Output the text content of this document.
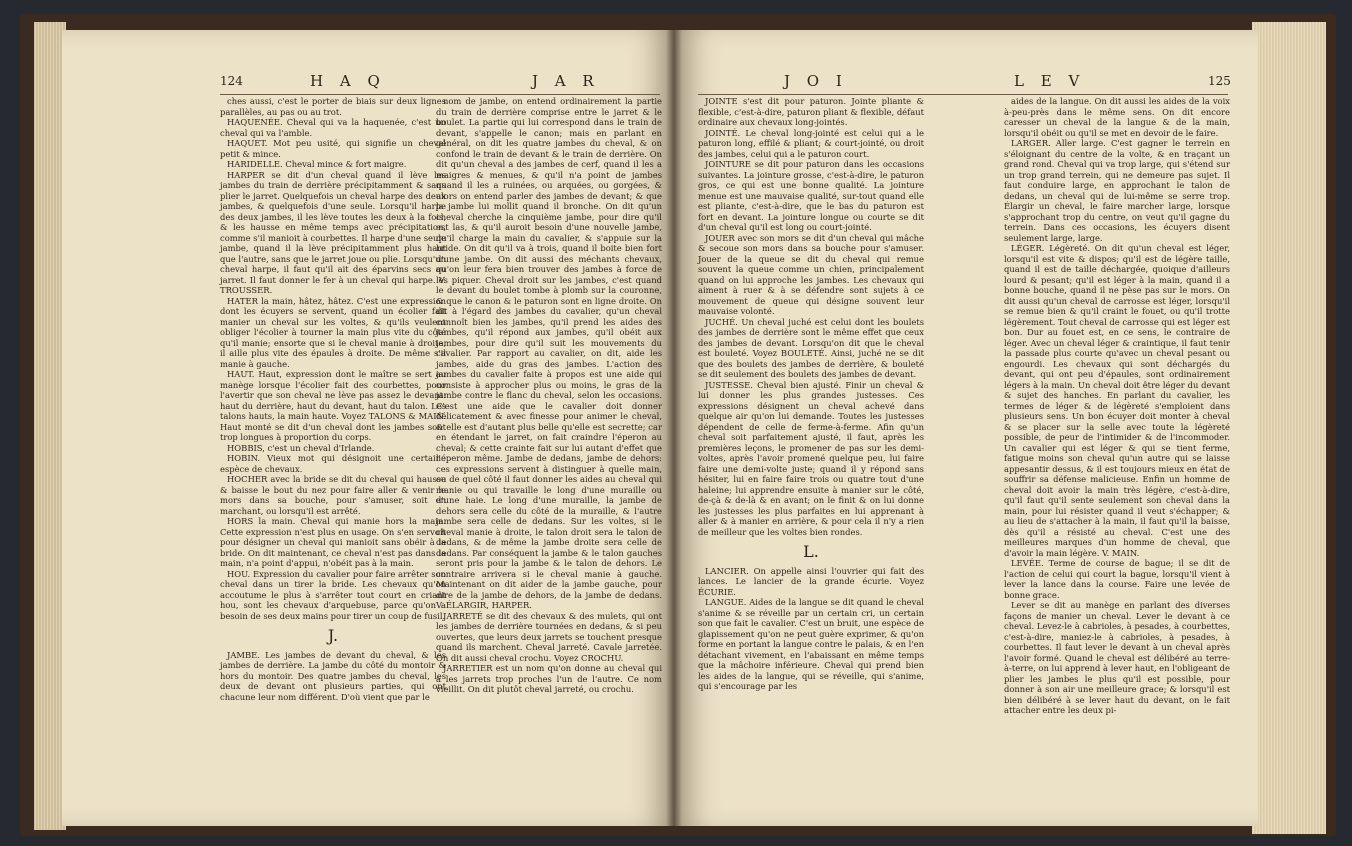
124	H A Q	J A R

ches aussi, c'est le porter de biais sur deux lignes parallèles, au pas ou au trot.

HAQUENÉE. Cheval qui va la haquenée, c'est un cheval qui va l'amble.

HAQUET. Mot peu usité, qui signifie un cheval petit & mince.

HARIDELLE. Cheval mince & fort maigre.

HARPER se dit d'un cheval quand il lève les jambes du train de derrière précipitamment & sans plier le jarret. Quelquefois un cheval harpe des deux jambes, & quelquefois d'une seule. Lorsqu'il harpe des deux jambes, il les lève toutes les deux à la fois, & les hausse en même temps avec précipitation, comme s'il manioit à courbettes. Il harpe d'une seule jambe, quand il la lève précipitamment plus haut que l'autre, sans que le jarret joue ou plie. Lorsqu'un cheval harpe, il faut qu'il ait des éparvins secs au jarret. Il faut donner le fer à un cheval qui harpe. V. TROUSSER.

HATER la main, hâtez, hâtez. C'est une expression dont les écuyers se servent, quand un écolier fait manier un cheval sur les voltes, & qu'ils veulent obliger l'écolier à tourner la main plus vite du côté qu'il manie; ensorte que si le cheval manie à droite, il aille plus vite des épaules à droite. De même s'il manie à gauche.

HAUT. Haut, expression dont le maître se sert au manège lorsque l'écolier fait des courbettes, pour l'avertir que son cheval ne lève pas assez le devant: haut du derrière, haut du devant, haut du talon. Les talons hauts, la main haute. Voyez TALONS & MAIN. Haut monté se dit d'un cheval dont les jambes sont trop longues à proportion du corps.

HOBBIS, c'est un cheval d'Irlande.

HOBIN. Vieux mot qui désignoit une certaine espèce de chevaux.

HOCHER avec la bride se dit du cheval qui hausse & baisse le bout du nez pour faire aller & venir le mors dans sa bouche, pour s'amuser, soit en marchant, ou lorsqu'il est arrêté.

HORS la main. Cheval qui manie hors la main. Cette expression n'est plus en usage. On s'en servoit pour désigner un cheval qui manioit sans obéir à la bride. On dit maintenant, ce cheval n'est pas dans la main, n'a point d'appui, n'obéit pas à la main.

HOU. Expression du cavalier pour faire arrêter son cheval dans un tirer la bride. Les chevaux qu'on accoutume le plus à s'arrêter tout court en criant hou, sont les chevaux d'arquebuse, parce qu'on a besoin de ses deux mains pour tirer un coup de fusil.

J.

JAMBE. Les jambes de devant du cheval, & les jambes de derrière. La jambe du côté du montoir & hors du montoir. Des quatre jambes du cheval, les deux de devant ont plusieurs parties, qui ont chacune leur nom différent. D'où vient que par le

nom de jambe, on entend ordinairement la partie du train de derrière comprise entre le jarret & le boulet. La partie qui lui correspond dans le train de devant, s'appelle le canon; mais en parlant en général, on dit les quatre jambes du cheval, & on confond le train de devant & le train de derrière. On dit qu'un cheval a des jambes de cerf, quand il les a maigres & menues, & qu'il n'a point de jambes quand il les a ruinées, ou arquées, ou gorgées, & alors on entend parler des jambes de devant; & que la jambe lui mollit quand il bronche. On dit qu'un cheval cherche la cinquième jambe, pour dire qu'il est las, & qu'il auroit besoin d'une nouvelle jambe, qu'il charge la main du cavalier, & s'appuie sur la bride. On dit qu'il va à trois, quand il boite bien fort d'une jambe. On dit aussi des méchants chevaux, qu'on leur fera bien trouver des jambes à force de les piquer. Cheval droit sur les jambes, c'est quand le devant du boulet tombe à plomb sur la couronne, & que le canon & le paturon sont en ligne droite. On dit à l'égard des jambes du cavalier, qu'un cheval connoît bien les jambes, qu'il prend les aides des jambes, qu'il répond aux jambes, qu'il obéit aux jambes, pour dire qu'il suit les mouvements du cavalier. Par rapport au cavalier, on dit, aide les jambes, aide du gras des jambes. L'action des jambes du cavalier faite à propos est une aide qui consiste à approcher plus ou moins, le gras de la jambe contre le flanc du cheval, selon les occasions. C'est une aide que le cavalier doit donner délicatement & avec finesse pour animer le cheval, & elle est d'autant plus belle qu'elle est secrette; car en étendant le jarret, on fait craindre l'éperon au cheval; & cette crainte fait sur lui autant d'effet que l'éperon même. Jambe de dedans, jambe de dehors: ces expressions servent à distinguer à quelle main, ou de quel côté il faut donner les aides au cheval qui manie ou qui travaille le long d'une muraille ou d'une haie. Le long d'une muraille, la jambe de dehors sera celle du côté de la muraille, & l'autre jambe sera celle de dedans. Sur les voltes, si le cheval manie à droite, le talon droit sera le talon de dedans, & de même la jambe droite sera celle de dedans. Par conséquent la jambe & le talon gauches seront pris pour la jambe & le talon de dehors. Le contraire arrivera si le cheval manie à gauche. Maintenant on dit aider de la jambe gauche, pour dire de la jambe de dehors, de la jambe de dedans. V. ÉLARGIR, HARPER.

JARRETÉ se dit des chevaux & des mulets, qui ont les jambes de derrière tournées en dedans, & si peu ouvertes, que leurs deux jarrets se touchent presque quand ils marchent. Cheval jarreté. Cavale jarretée. On dit aussi cheval crochu. Voyez CROCHU.

JARRETIER est un nom qu'on donne au cheval qui a les jarrets trop proches l'un de l'autre. Ce nom vieillit. On dit plutôt cheval jarreté, ou crochu.

J O I	L E V	125

JOINTE s'est dit pour paturon. Jointe pliante & flexible, c'est-à-dire, paturon pliant & flexible, défaut ordinaire aux chevaux long-jointés.

JOINTÉ. Le cheval long-jointé est celui qui a le paturon long, effilé & pliant; & court-jointé, ou droit des jambes, celui qui a le paturon court.

JOINTURE se dit pour paturon dans les occasions suivantes. La jointure grosse, c'est-à-dire, le paturon gros, ce qui est une bonne qualité. La jointure menue est une mauvaise qualité, sur-tout quand elle est pliante, c'est-à-dire, que le bas du paturon est fort en devant. La jointure longue ou courte se dit d'un cheval qu'il est long ou court-jointé.

JOUER avec son mors se dit d'un cheval qui mâche & secoue son mors dans sa bouche pour s'amuser. Jouer de la queue se dit du cheval qui remue souvent la queue comme un chien, principalement quand on lui approche les jambes. Les chevaux qui aiment à ruer & à se défendre sont sujets à ce mouvement de queue qui désigne souvent leur mauvaise volonté.

JUCHÉ. Un cheval juché est celui dont les boulets des jambes de derrière sont le même effet que ceux des jambes de devant. Lorsqu'on dit que le cheval est bouleté. Voyez BOULETÉ. Ainsi, juché ne se dit que des boulets des jambes de derrière, & bouleté se dit seulement des boulets des jambes de devant.

JUSTESSE. Cheval bien ajusté. Finir un cheval & lui donner les plus grandes justesses. Ces expressions désignent un cheval achevé dans quelque air qu'on lui demande. Toutes les justesses dépendent de celle de ferme-à-ferme. Afin qu'un cheval soit parfaitement ajusté, il faut, après les premières leçons, le promener de pas sur les demi-voltes, après l'avoir promené quelque peu, lui faire faire une demi-volte juste; quand il y répond sans hésiter, lui en faire faire trois ou quatre tout d'une haleine; lui apprendre ensuite à manier sur le côté, de-çà & de-là & en avant; on le finit & on lui donne les justesses les plus parfaites en lui apprenant à aller & à manier en arrière, & pour cela il n'y a rien de meilleur que les voltes bien rondes.

L.

LANCIER. On appelle ainsi l'ouvrier qui fait des lances. Le lancier de la grande écurie. Voyez ÉCURIE.

LANGUE. Aides de la langue se dit quand le cheval s'anime & se réveille par un certain cri, un certain son que fait le cavalier. C'est un bruit, une espèce de glapissement qu'on ne peut guère exprimer, & qu'on forme en portant la langue contre le palais, & en l'en détachant vivement, en l'abaissant en même temps que la mâchoire inférieure. Cheval qui prend bien les aides de la langue, qui se réveille, qui s'anime, qui s'encourage par les

aides de la langue. On dit aussi les aides de la voix à-peu-près dans le même sens. On dit encore caresser un cheval de la langue & de la main, lorsqu'il obéit ou qu'il se met en devoir de le faire.

LARGER. Aller large. C'est gagner le terrein en s'éloignant du centre de la volte, & en traçant un grand rond. Cheval qui va trop large, qui s'étend sur un trop grand terrein, qui ne demeure pas sujet. Il faut conduire large, en approchant le talon de dedans, un cheval qui de lui-même se serre trop. Élargir un cheval, le faire marcher large, lorsque s'approchant trop du centre, on veut qu'il gagne du terrein. Dans ces occasions, les écuyers disent seulement large, large.

LÉGER. Légèreté. On dit qu'un cheval est léger, lorsqu'il est vite & dispos; qu'il est de légère taille, quand il est de taille déchargée, quoique d'ailleurs lourd & pesant; qu'il est léger à la main, quand il a bonne bouche, quand il ne pèse pas sur le mors. On dit aussi qu'un cheval de carrosse est léger, lorsqu'il se remue bien & qu'il craint le fouet, ou qu'il trotte légèrement. Tout cheval de carrosse qui est léger est bon. Dur au fouet est, en ce sens, le contraire de léger. Avec un cheval léger & craintique, il faut tenir la passade plus courte qu'avec un cheval pesant ou engourdi. Les chevaux qui sont déchargés du devant, qui ont peu d'épaules, sont ordinairement légers à la main. Un cheval doit être léger du devant & sujet des hanches. En parlant du cavalier, les termes de léger & de légèreté s'emploient dans plusieurs sens. Un bon écuyer doit monter à cheval & se placer sur la selle avec toute la légèreté possible, de peur de l'intimider & de l'incommoder. Un cavalier qui est léger & qui se tient ferme, fatigue moins son cheval qu'un autre qui se laisse appesantir dessus, & il est toujours mieux en état de souffrir sa défense malicieuse. Enfin un homme de cheval doit avoir la main très légère, c'est-à-dire, qu'il faut qu'il sente seulement son cheval dans la main, pour lui résister quand il veut s'échapper; & au lieu de s'attacher à la main, il faut qu'il la baisse, dès qu'il a résisté au cheval. C'est une des meilleures marques d'un homme de cheval, que d'avoir la main légère. V. MAIN.

LEVÉE. Terme de course de bague; il se dit de l'action de celui qui court la bague, lorsqu'il vient à lever la lance dans la course. Faire une levée de bonne grace.

Lever se dit au manège en parlant des diverses façons de manier un cheval. Lever le devant à ce cheval. Levez-le à cabrioles, à pesades, à courbettes, c'est-à-dire, maniez-le à cabrioles, à pesades, à courbettes. Il faut lever le devant à un cheval après l'avoir formé. Quand le cheval est délibéré au terre-à-terre, on lui apprend à lever haut, en l'obligeant de plier les jambes le plus qu'il est possible, pour donner à son air une meilleure grace; & lorsqu'il est bien délibéré à se lever haut du devant, on le fait attacher entre les deux pi-
